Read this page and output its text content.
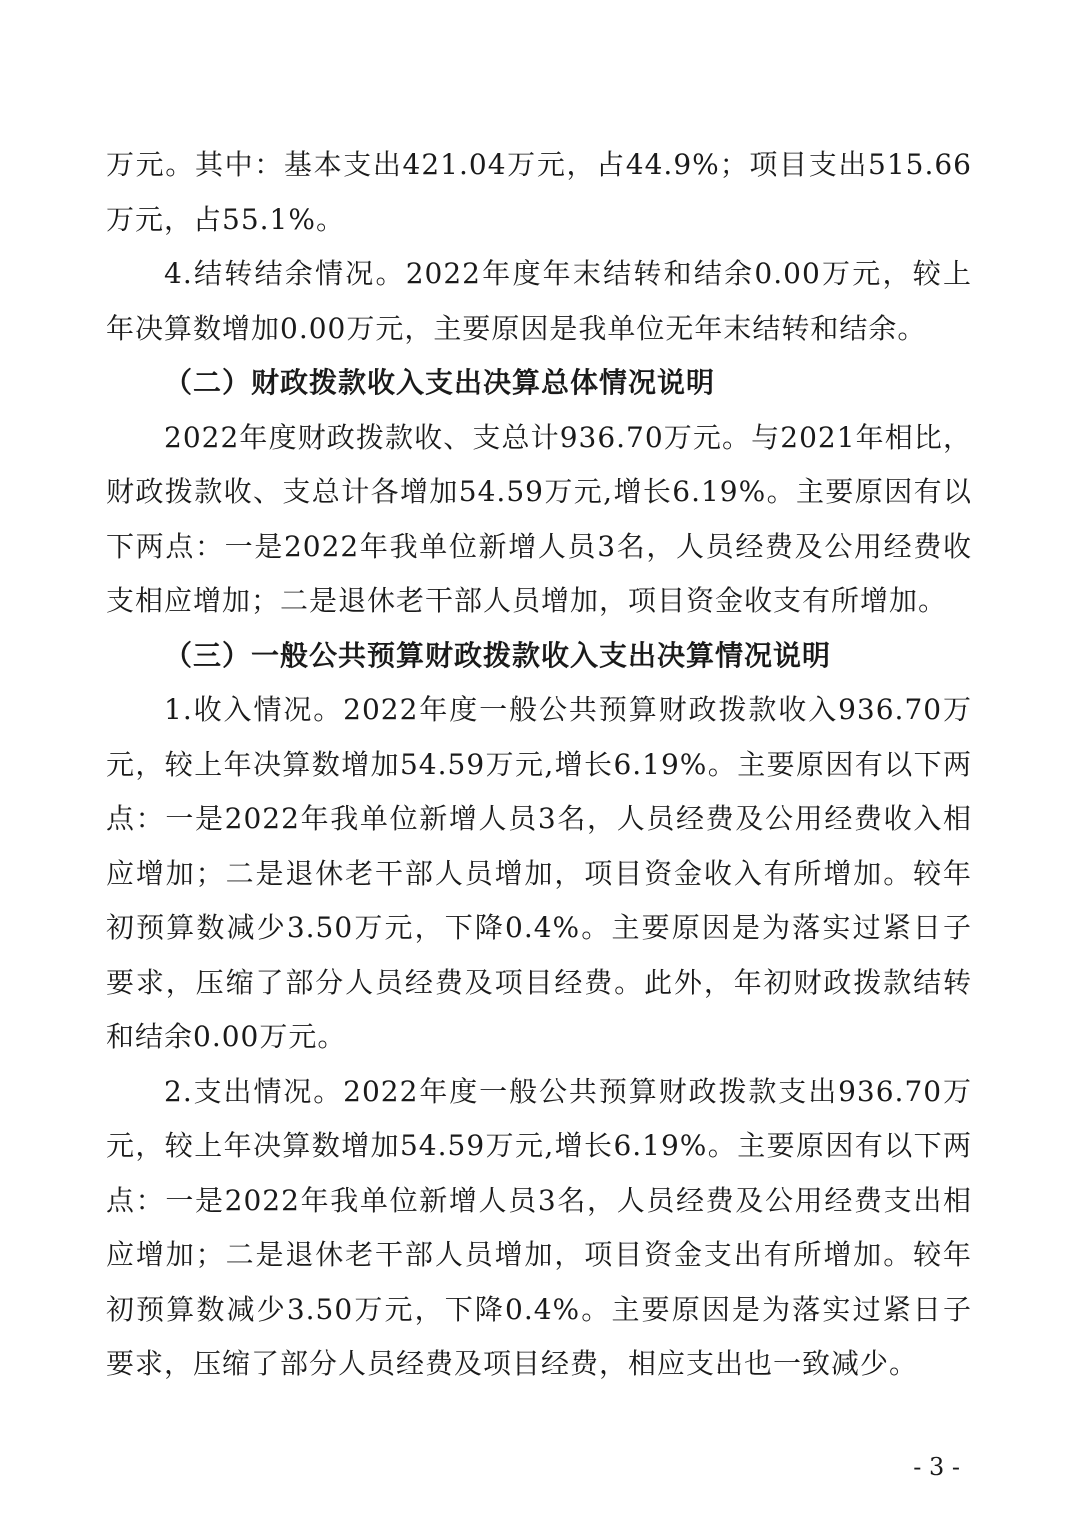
万元。其中：基本支出421.04万元，占44.9%；项目支出515.66万元，占55.1%。

4.结转结余情况。2022年度年末结转和结余0.00万元，较上年决算数增加0.00万元，主要原因是我单位无年末结转和结余。

（二）财政拨款收入支出决算总体情况说明

2022年度财政拨款收、支总计936.70万元。与2021年相比，财政拨款收、支总计各增加54.59万元,增长6.19%。主要原因有以下两点：一是2022年我单位新增人员3名，人员经费及公用经费收支相应增加；二是退休老干部人员增加，项目资金收支有所增加。

（三）一般公共预算财政拨款收入支出决算情况说明

1.收入情况。2022年度一般公共预算财政拨款收入936.70万元，较上年决算数增加54.59万元,增长6.19%。主要原因有以下两点：一是2022年我单位新增人员3名，人员经费及公用经费收入相应增加；二是退休老干部人员增加，项目资金收入有所增加。较年初预算数减少3.50万元，下降0.4%。主要原因是为落实过紧日子要求，压缩了部分人员经费及项目经费。此外，年初财政拨款结转和结余0.00万元。

2.支出情况。2022年度一般公共预算财政拨款支出936.70万元，较上年决算数增加54.59万元,增长6.19%。主要原因有以下两点：一是2022年我单位新增人员3名，人员经费及公用经费支出相应增加；二是退休老干部人员增加，项目资金支出有所增加。较年初预算数减少3.50万元，下降0.4%。主要原因是为落实过紧日子要求，压缩了部分人员经费及项目经费，相应支出也一致减少。

- 3 -
